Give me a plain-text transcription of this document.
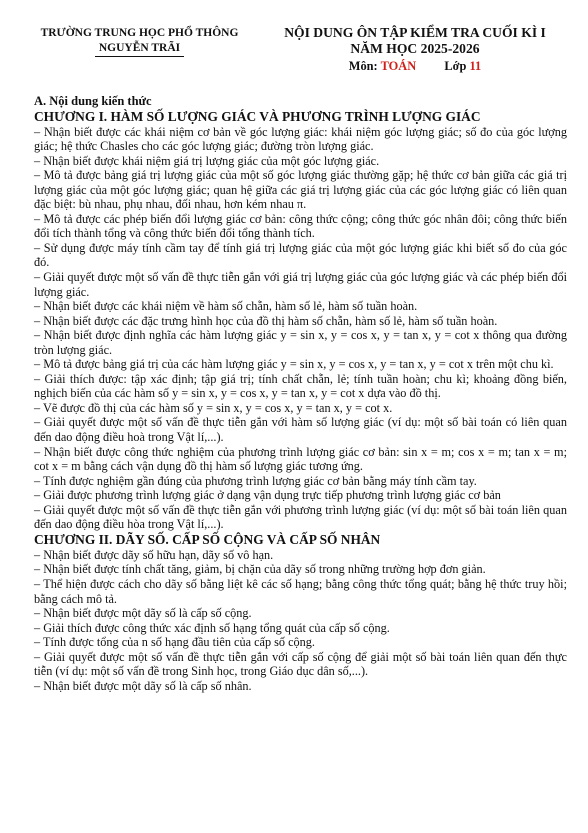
TRƯỜNG TRUNG HỌC PHỔ THÔNG
NGUYỄN TRÃI
NỘI DUNG ÔN TẬP KIỂM TRA CUỐI KÌ I
NĂM HỌC 2025-2026
Môn: TOÁN Lớp 11

A. Nội dung kiến thức

CHƯƠNG I. HÀM SỐ LƯỢNG GIÁC VÀ PHƯƠNG TRÌNH LƯỢNG GIÁC

– Nhận biết được các khái niệm cơ bản về góc lượng giác: khái niệm góc lượng giác; số đo của góc lượng giác; hệ thức Chasles cho các góc lượng giác; đường tròn lượng giác.

– Nhận biết được khái niệm giá trị lượng giác của một góc lượng giác.

– Mô tả được bảng giá trị lượng giác của một số góc lượng giác thường gặp; hệ thức cơ bản giữa các giá trị lượng giác của một góc lượng giác; quan hệ giữa các giá trị lượng giác của các góc lượng giác có liên quan đặc biệt: bù nhau, phụ nhau, đối nhau, hơn kém nhau π.

– Mô tả được các phép biến đổi lượng giác cơ bản: công thức cộng; công thức góc nhân đôi; công thức biến đổi tích thành tổng và công thức biến đổi tổng thành tích.

– Sử dụng được máy tính cầm tay để tính giá trị lượng giác của một góc lượng giác khi biết số đo của góc đó.

– Giải quyết được một số vấn đề thực tiễn gắn với giá trị lượng giác của góc lượng giác và các phép biến đổi lượng giác.

– Nhận biết được các khái niệm về hàm số chẵn, hàm số lẻ, hàm số tuần hoàn.

– Nhận biết được các đặc trưng hình học của đồ thị hàm số chẵn, hàm số lẻ, hàm số tuần hoàn.

– Nhận biết được định nghĩa các hàm lượng giác y = sin x, y = cos x, y = tan x, y = cot x thông qua đường tròn lượng giác.

– Mô tả được bảng giá trị của các hàm lượng giác y = sin x, y = cos x, y = tan x, y = cot x trên một chu kì.

– Giải thích được: tập xác định; tập giá trị; tính chất chẵn, lẻ; tính tuần hoàn; chu kì; khoảng đồng biến, nghịch biến của các hàm số y = sin x, y = cos x, y = tan x, y = cot x dựa vào đồ thị.

– Vẽ được đồ thị của các hàm số y = sin x, y = cos x, y = tan x, y = cot x.

– Giải quyết được một số vấn đề thực tiễn gắn với hàm số lượng giác (ví dụ: một số bài toán có liên quan đến dao động điều hoà trong Vật lí,...).

– Nhận biết được công thức nghiệm của phương trình lượng giác cơ bản: sin x = m; cos x = m; tan x = m; cot x = m bằng cách vận dụng đồ thị hàm số lượng giác tương ứng.

– Tính được nghiệm gần đúng của phương trình lượng giác cơ bản bằng máy tính cầm tay.

– Giải được phương trình lượng giác ở dạng vận dụng trực tiếp phương trình lượng giác cơ bản

– Giải quyết được một số vấn đề thực tiễn gắn với phương trình lượng giác (ví dụ: một số bài toán liên quan đến dao động điều hòa trong Vật lí,...).

CHƯƠNG II. DÃY SỐ. CẤP SỐ CỘNG VÀ CẤP SỐ NHÂN

– Nhận biết được dãy số hữu hạn, dãy số vô hạn.

– Nhận biết được tính chất tăng, giảm, bị chặn của dãy số trong những trường hợp đơn giản.

– Thể hiện được cách cho dãy số bằng liệt kê các số hạng; bằng công thức tổng quát; bằng hệ thức truy hồi; bằng cách mô tả.

– Nhận biết được một dãy số là cấp số cộng.

– Giải thích được công thức xác định số hạng tổng quát của cấp số cộng.

– Tính được tổng của n số hạng đầu tiên của cấp số cộng.

– Giải quyết được một số vấn đề thực tiễn gắn với cấp số cộng để giải một số bài toán liên quan đến thực tiễn (ví dụ: một số vấn đề trong Sinh học, trong Giáo dục dân số,...).

– Nhận biết được một dãy số là cấp số nhân.
